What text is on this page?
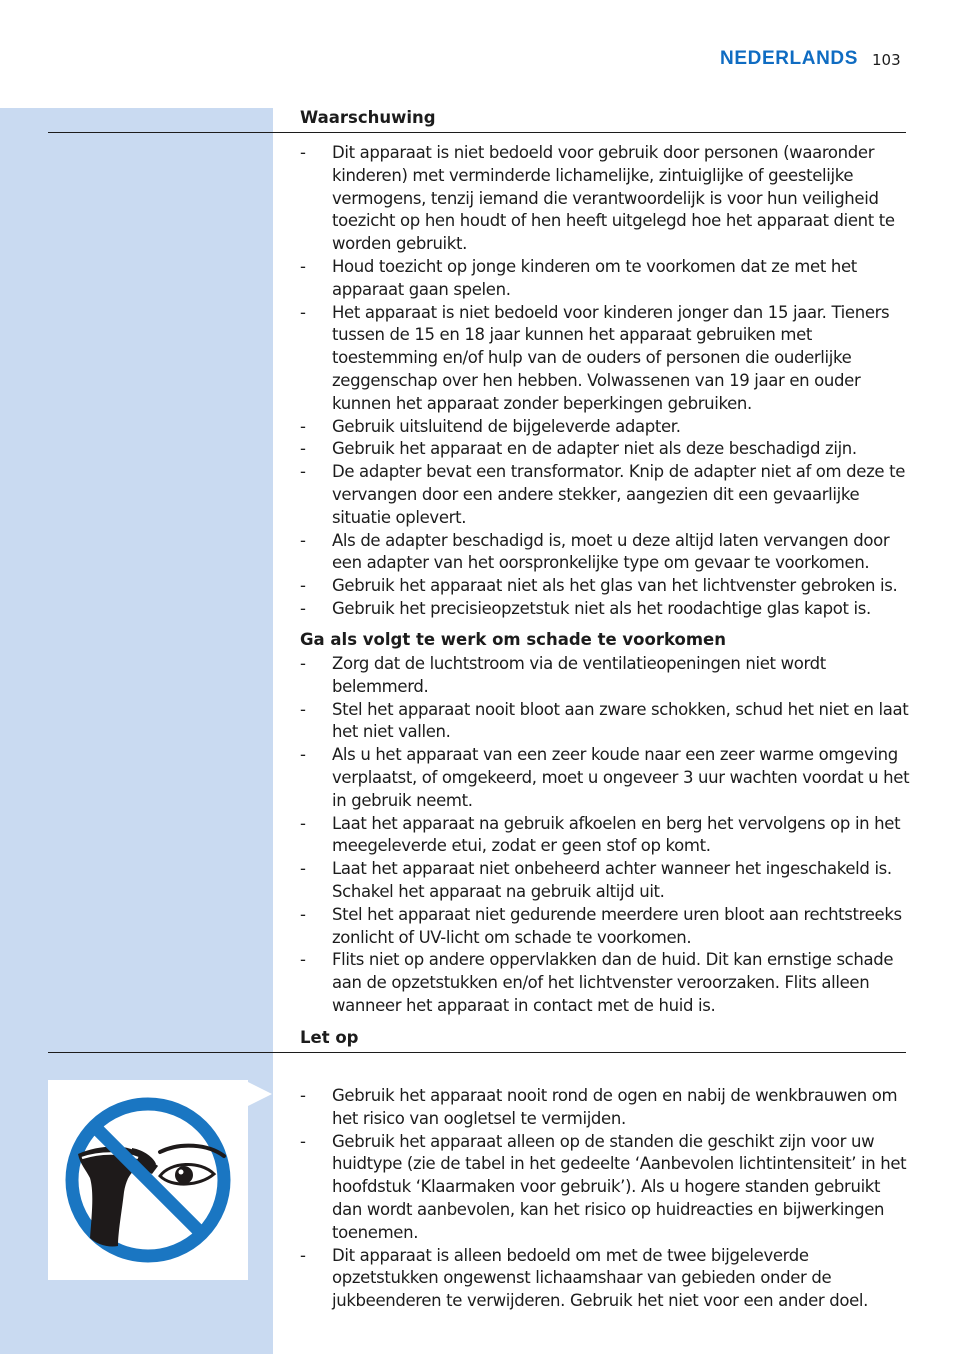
NEDERLANDS 103
Waarschuwing
- Dit apparaat is niet bedoeld voor gebruik door personen (waaronder kinderen) met verminderde lichamelijke, zintuiglijke of geestelijke vermogens, tenzij iemand die verantwoordelijk is voor hun veiligheid toezicht op hen houdt of hen heeft uitgelegd hoe het apparaat dient te worden gebruikt.
- Houd toezicht op jonge kinderen om te voorkomen dat ze met het apparaat gaan spelen.
- Het apparaat is niet bedoeld voor kinderen jonger dan 15 jaar. Tieners tussen de 15 en 18 jaar kunnen het apparaat gebruiken met toestemming en/of hulp van de ouders of personen die ouderlijke zeggenschap over hen hebben. Volwassenen van 19 jaar en ouder kunnen het apparaat zonder beperkingen gebruiken.
- Gebruik uitsluitend de bijgeleverde adapter.
- Gebruik het apparaat en de adapter niet als deze beschadigd zijn.
- De adapter bevat een transformator. Knip de adapter niet af om deze te vervangen door een andere stekker, aangezien dit een gevaarlijke situatie oplevert.
- Als de adapter beschadigd is, moet u deze altijd laten vervangen door een adapter van het oorspronkelijke type om gevaar te voorkomen.
- Gebruik het apparaat niet als het glas van het lichtvenster gebroken is.
- Gebruik het precisieopzetstuk niet als het roodachtige glas kapot is.
Ga als volgt te werk om schade te voorkomen
- Zorg dat de luchtstroom via de ventilatieopeningen niet wordt belemmerd.
- Stel het apparaat nooit bloot aan zware schokken, schud het niet en laat het niet vallen.
- Als u het apparaat van een zeer koude naar een zeer warme omgeving verplaatst, of omgekeerd, moet u ongeveer 3 uur wachten voordat u het in gebruik neemt.
- Laat het apparaat na gebruik afkoelen en berg het vervolgens op in het meegeleverde etui, zodat er geen stof op komt.
- Laat het apparaat niet onbeheerd achter wanneer het ingeschakeld is. Schakel het apparaat na gebruik altijd uit.
- Stel het apparaat niet gedurende meerdere uren bloot aan rechtstreeks zonlicht of UV-licht om schade te voorkomen.
- Flits niet op andere oppervlakken dan de huid. Dit kan ernstige schade aan de opzetstukken en/of het lichtvenster veroorzaken. Flits alleen wanneer het apparaat in contact met de huid is.
Let op
- Gebruik het apparaat nooit rond de ogen en nabij de wenkbrauwen om het risico van oogletsel te vermijden.
- Gebruik het apparaat alleen op de standen die geschikt zijn voor uw huidtype (zie de tabel in het gedeelte ‘Aanbevolen lichtintensiteit’ in het hoofdstuk ‘Klaarmaken voor gebruik’). Als u hogere standen gebruikt dan wordt aanbevolen, kan het risico op huidreacties en bijwerkingen toenemen.
- Dit apparaat is alleen bedoeld om met de twee bijgeleverde opzetstukken ongewenst lichaamshaar van gebieden onder de jukbeenderen te verwijderen. Gebruik het niet voor een ander doel.
